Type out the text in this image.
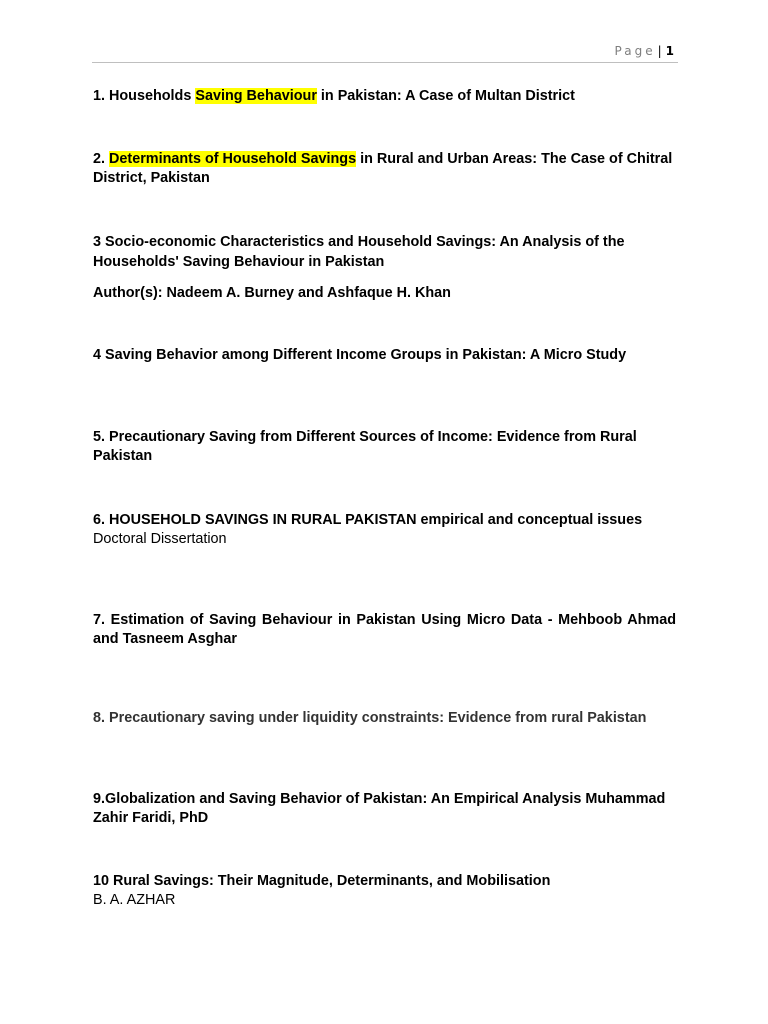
Page | 1
1. Households Saving Behaviour in Pakistan: A Case of Multan District
2. Determinants of Household Savings in Rural and Urban Areas: The Case of Chitral District, Pakistan
3 Socio-economic Characteristics and Household Savings: An Analysis of the Households' Saving Behaviour in Pakistan
Author(s): Nadeem A. Burney and Ashfaque H. Khan
4 Saving Behavior among Different Income Groups in Pakistan: A Micro Study
5. Precautionary Saving from Different Sources of Income: Evidence from Rural Pakistan
6. HOUSEHOLD SAVINGS IN RURAL PAKISTAN empirical and conceptual issues
Doctoral Dissertation
7. Estimation of Saving Behaviour in Pakistan Using Micro Data - Mehboob Ahmad and Tasneem Asghar
8. Precautionary saving under liquidity constraints: Evidence from rural Pakistan
9.Globalization and Saving Behavior of Pakistan: An Empirical Analysis Muhammad Zahir Faridi, PhD
10 Rural Savings: Their Magnitude, Determinants, and Mobilisation
B. A. AZHAR
